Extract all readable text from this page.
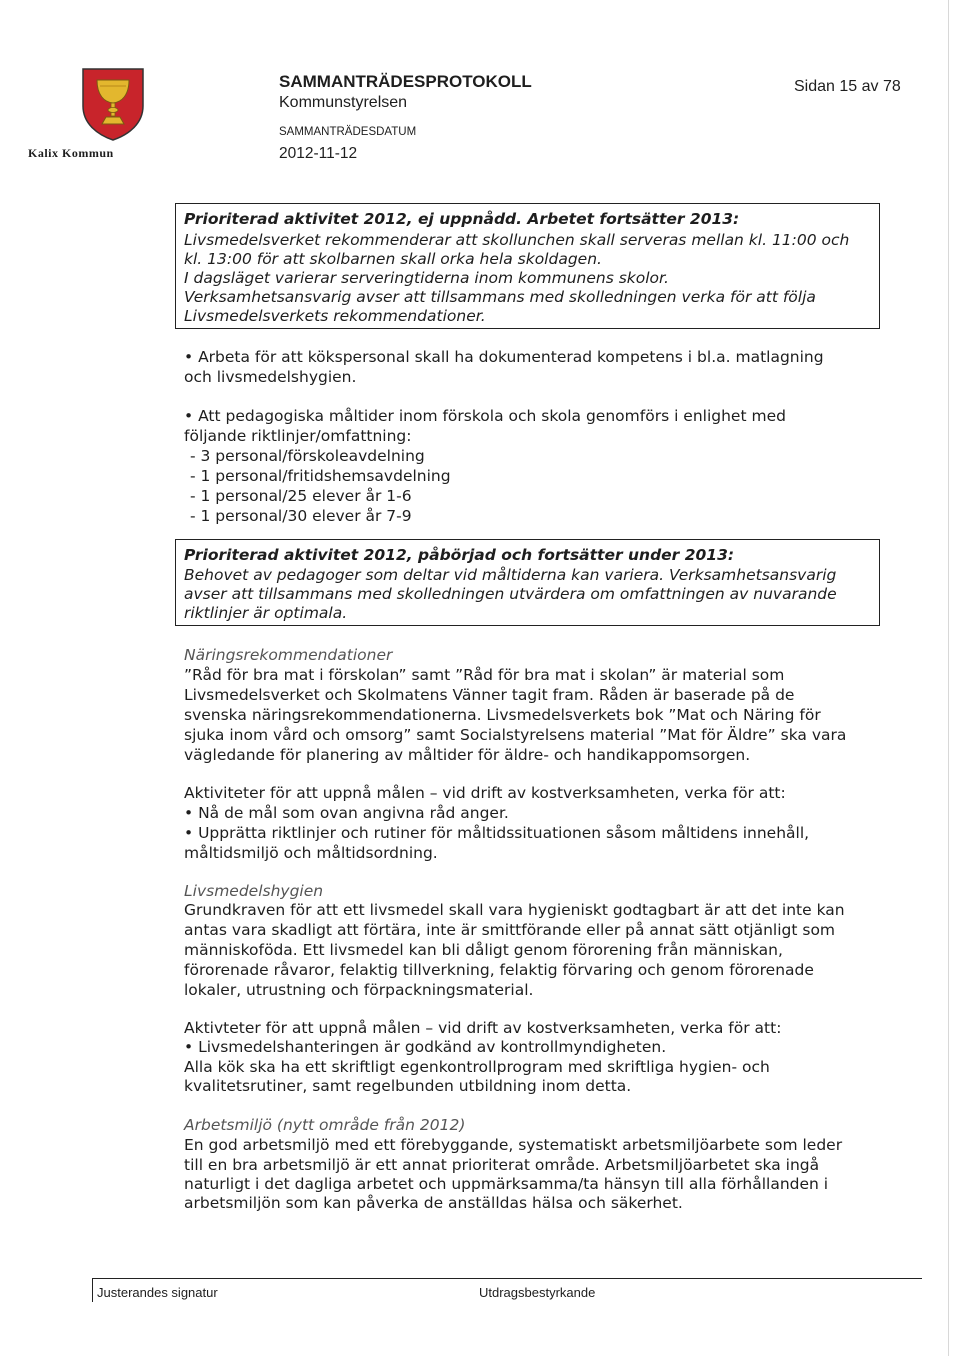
Kalix Kommun
SAMMANTRÄDESPROTOKOLL
Kommunstyrelsen
SAMMANTRÄDESDATUM
2012-11-12
Sidan 15 av 78
Prioriterad aktivitet 2012, ej uppnådd. Arbetet fortsätter 2013:
Livsmedelsverket rekommenderar att skollunchen skall serveras mellan kl. 11:00 och
kl. 13:00 för att skolbarnen skall orka hela skoldagen.
I dagsläget varierar serveringtiderna inom kommunens skolor.
Verksamhetsansvarig avser att tillsammans med skolledningen verka för att följa
Livsmedelsverkets rekommendationer.
• Arbeta för att kökspersonal skall ha dokumenterad kompetens i bl.a. matlagning
och livsmedelshygien.
• Att pedagogiska måltider inom förskola och skola genomförs i enlighet med
följande riktlinjer/omfattning:
- 3 personal/förskoleavdelning
- 1 personal/fritidshemsavdelning
- 1 personal/25 elever år 1-6
- 1 personal/30 elever år 7-9
Prioriterad aktivitet 2012, påbörjad och fortsätter under 2013:
Behovet av pedagoger som deltar vid måltiderna kan variera. Verksamhetsansvarig
avser att tillsammans med skolledningen utvärdera om omfattningen av nuvarande
riktlinjer är optimala.
Näringsrekommendationer
”Råd för bra mat i förskolan” samt ”Råd för bra mat i skolan” är material som
Livsmedelsverket och Skolmatens Vänner tagit fram. Råden är baserade på de
svenska näringsrekommendationerna. Livsmedelsverkets bok ”Mat och Näring för
sjuka inom vård och omsorg” samt Socialstyrelsens material ”Mat för Äldre” ska vara
vägledande för planering av måltider för äldre- och handikappomsorgen.
Aktiviteter för att uppnå målen – vid drift av kostverksamheten, verka för att:
• Nå de mål som ovan angivna råd anger.
• Upprätta riktlinjer och rutiner för måltidssituationen såsom måltidens innehåll,
måltidsmiljö och måltidsordning.
Livsmedelshygien
Grundkraven för att ett livsmedel skall vara hygieniskt godtagbart är att det inte kan
antas vara skadligt att förtära, inte är smittförande eller på annat sätt otjänligt som
människoföda. Ett livsmedel kan bli dåligt genom förorening från människan,
förorenade råvaror, felaktig tillverkning, felaktig förvaring och genom förorenade
lokaler, utrustning och förpackningsmaterial.
Aktivteter för att uppnå målen – vid drift av kostverksamheten, verka för att:
• Livsmedelshanteringen är godkänd av kontrollmyndigheten.
Alla kök ska ha ett skriftligt egenkontrollprogram med skriftliga hygien- och
kvalitetsrutiner, samt regelbunden utbildning inom detta.
Arbetsmiljö (nytt område från 2012)
En god arbetsmiljö med ett förebyggande, systematiskt arbetsmiljöarbete som leder
till en bra arbetsmiljö är ett annat prioriterat område. Arbetsmiljöarbetet ska ingå
naturligt i det dagliga arbetet och uppmärksamma/ta hänsyn till alla förhållanden i
arbetsmiljön som kan påverka de anställdas hälsa och säkerhet.
Justerandes signatur	Utdragsbestyrkande
